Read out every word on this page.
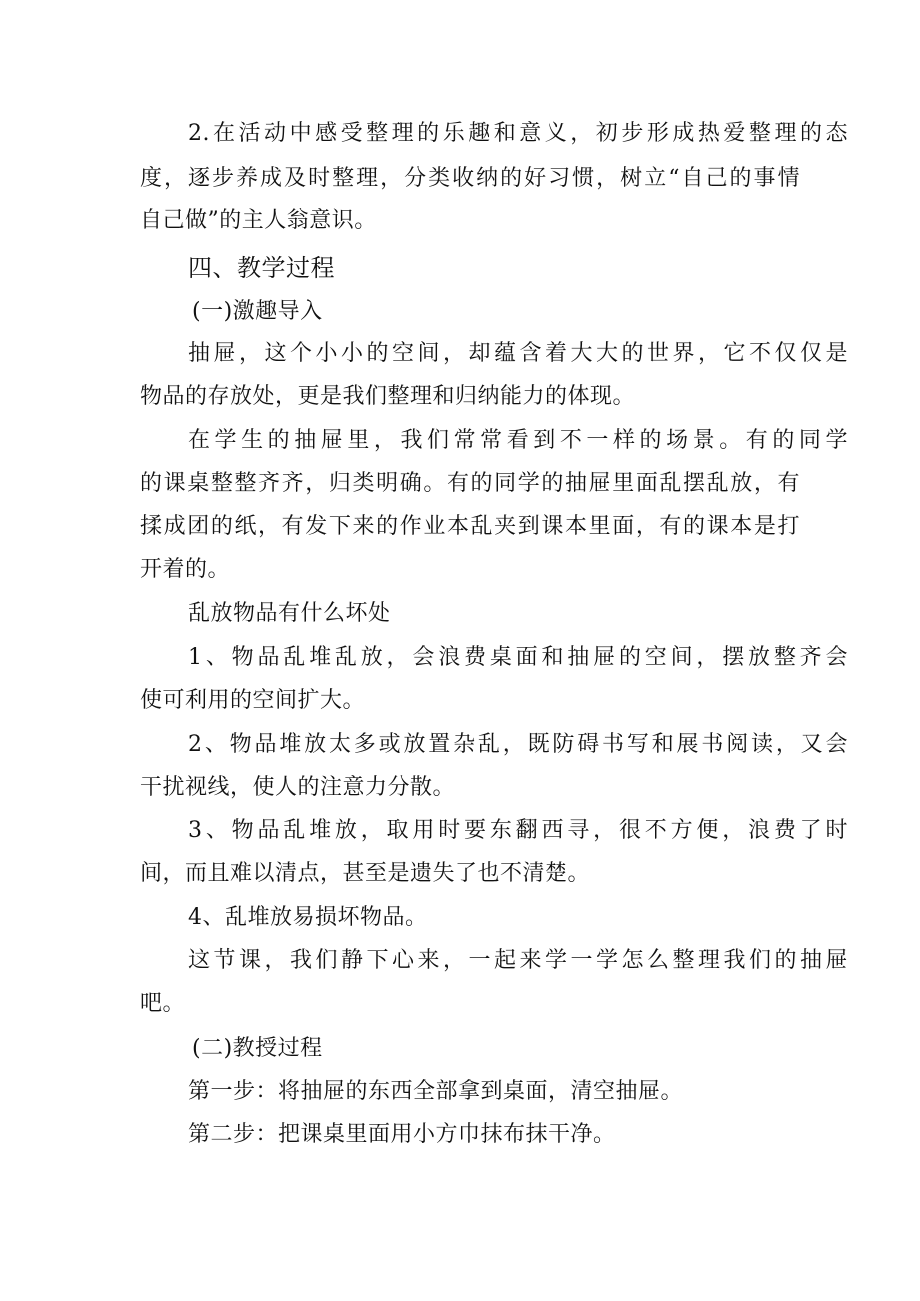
2.在活动中感受整理的乐趣和意义，初步形成热爱整理的态
度，逐步养成及时整理，分类收纳的好习惯，树立“自己的事情
自己做”的主人翁意识。
四、教学过程
(一)激趣导入
抽屉，这个小小的空间，却蕴含着大大的世界，它不仅仅是
物品的存放处，更是我们整理和归纳能力的体现。
在学生的抽屉里，我们常常看到不一样的场景。有的同学
的课桌整整齐齐，归类明确。有的同学的抽屉里面乱摆乱放，有
揉成团的纸，有发下来的作业本乱夹到课本里面，有的课本是打
开着的。
乱放物品有什么坏处
1、物品乱堆乱放，会浪费桌面和抽屉的空间，摆放整齐会
使可利用的空间扩大。
2、物品堆放太多或放置杂乱，既防碍书写和展书阅读，又会
干扰视线，使人的注意力分散。
3、物品乱堆放，取用时要东翻西寻，很不方便，浪费了时
间，而且难以清点，甚至是遗失了也不清楚。
4、乱堆放易损坏物品。
这节课，我们静下心来，一起来学一学怎么整理我们的抽屉
吧。
(二)教授过程
第一步：将抽屉的东西全部拿到桌面，清空抽屉。
第二步：把课桌里面用小方巾抹布抹干净。
